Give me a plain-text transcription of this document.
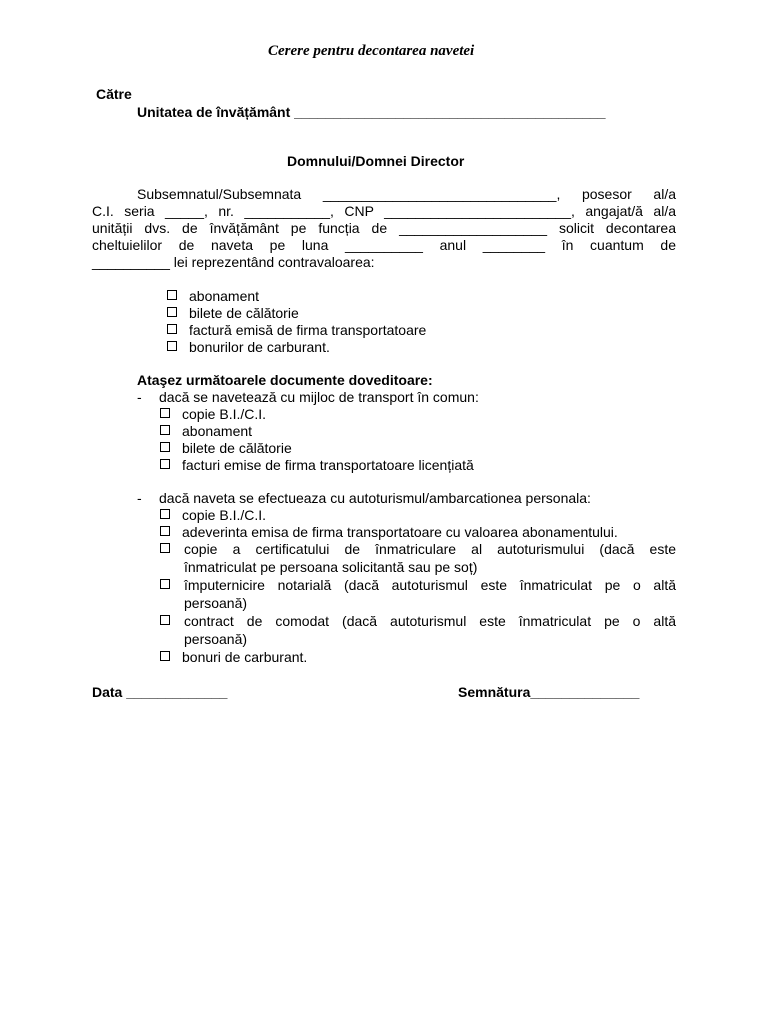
Cerere pentru decontarea navetei
Către
Unitatea de învățământ ________________________________________
Domnului/Domnei Director
Subsemnatul/Subsemnata ______________________________, posesor al/a
C.I. seria _____, nr. ___________, CNP ________________________, angajat/ă al/a
unității dvs. de învățământ pe funcția de ___________________ solicit decontarea
cheltuielilor de naveta pe luna __________ anul ________ în cuantum de
__________ lei reprezentând contravaloarea:
abonament
bilete de călătorie
factură emisă de firma transportatoare
bonurilor de carburant.
Ataşez următoarele documente doveditoare:
- dacă se navetează cu mijloc de transport în comun:
copie B.I./C.I.
abonament
bilete de călătorie
facturi emise de firma transportatoare licențiată
- dacă naveta se efectueaza cu autoturismul/ambarcationea personala:
copie B.I./C.I.
adeverinta emisa de firma transportatoare cu valoarea abonamentului.
copie a certificatului de înmatriculare al autoturismului (dacă este
înmatriculat pe persoana solicitantă sau pe soț)
împuternicire notarială (dacă autoturismul este înmatriculat pe o altă
persoană)
contract de comodat (dacă autoturismul este înmatriculat pe o altă
persoană)
bonuri de carburant.
Data _____________	Semnătura______________
